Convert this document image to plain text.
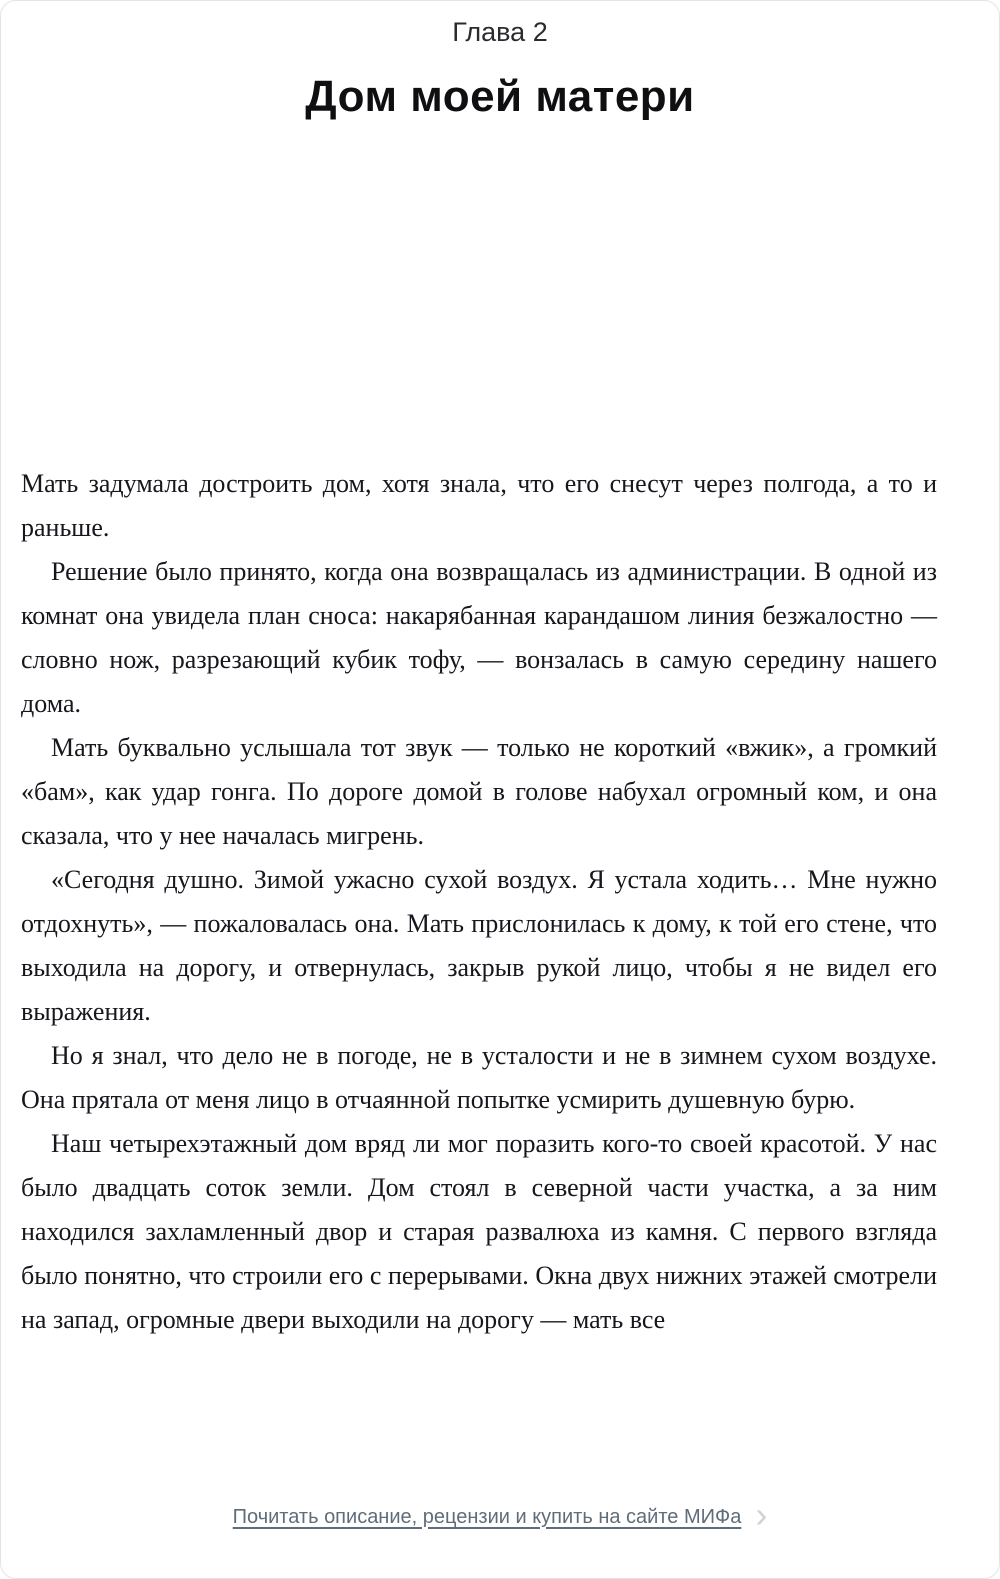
Глава 2
Дом моей матери

Мать задумала достроить дом, хотя знала, что его снесут через полгода, а то и раньше.

Решение было принято, когда она возвращалась из администрации. В одной из комнат она увидела план сноса: накарябанная карандашом линия безжалостно — словно нож, разрезающий кубик тофу, — вонзалась в самую середину нашего дома.

Мать буквально услышала тот звук — только не короткий «вжик», а громкий «бам», как удар гонга. По дороге домой в голове набухал огромный ком, и она сказала, что у нее началась мигрень.

«Сегодня душно. Зимой ужасно сухой воздух. Я устала ходить… Мне нужно отдохнуть», — пожаловалась она. Мать прислонилась к дому, к той его стене, что выходила на дорогу, и отвернулась, закрыв рукой лицо, чтобы я не видел его выражения.

Но я знал, что дело не в погоде, не в усталости и не в зимнем сухом воздухе. Она прятала от меня лицо в отчаянной попытке усмирить душевную бурю.

Наш четырехэтажный дом вряд ли мог поразить кого-то своей красотой. У нас было двадцать соток земли. Дом стоял в северной части участка, а за ним находился захламленный двор и старая развалюха из камня. С первого взгляда было понятно, что строили его с перерывами. Окна двух нижних этажей смотрели на запад, огромные двери выходили на дорогу — мать все

Почитать описание, рецензии и купить на сайте МИФа ›
